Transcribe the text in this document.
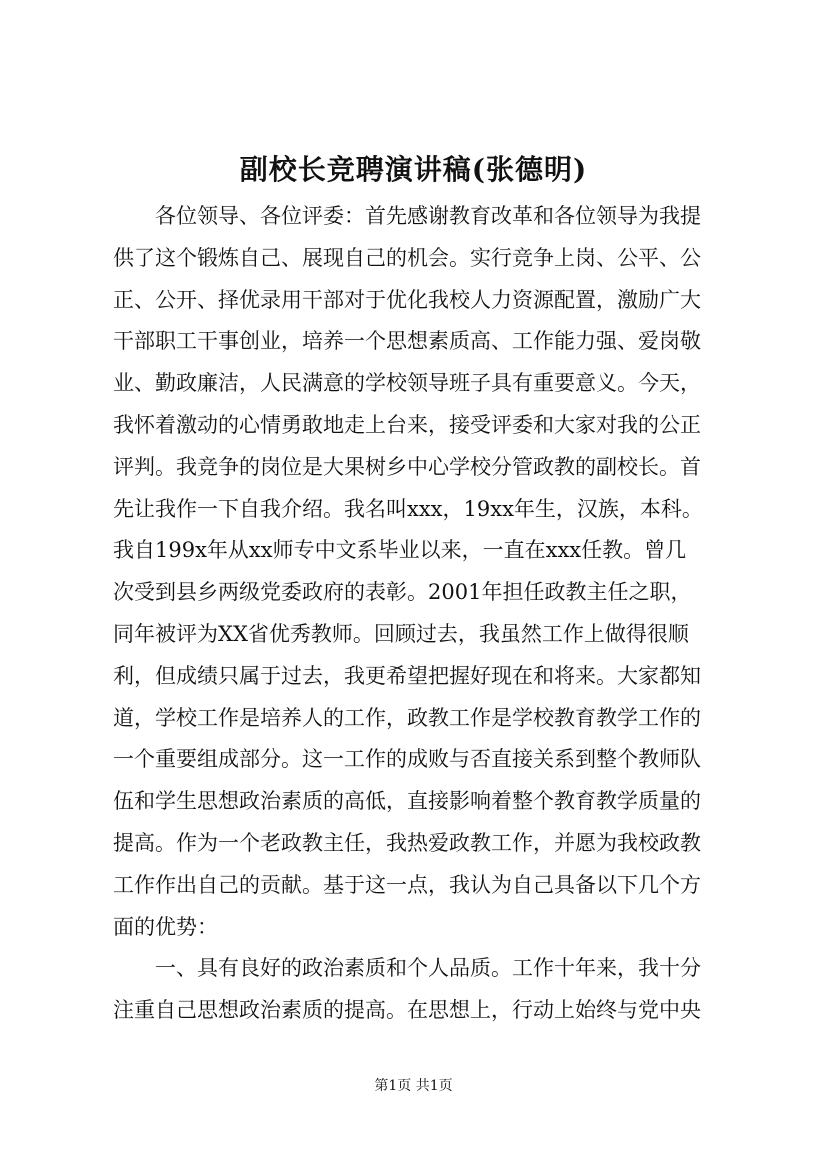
副校长竞聘演讲稿(张德明)
各位领导、各位评委：首先感谢教育改革和各位领导为我提
供了这个锻炼自己、展现自己的机会。实行竞争上岗、公平、公
正、公开、择优录用干部对于优化我校人力资源配置，激励广大
干部职工干事创业，培养一个思想素质高、工作能力强、爱岗敬
业、勤政廉洁，人民满意的学校领导班子具有重要意义。今天，
我怀着激动的心情勇敢地走上台来，接受评委和大家对我的公正
评判。我竞争的岗位是大果树乡中心学校分管政教的副校长。首
先让我作一下自我介绍。我名叫xxx，19xx年生，汉族，本科。
我自199x年从xx师专中文系毕业以来，一直在xxx任教。曾几
次受到县乡两级党委政府的表彰。2001年担任政教主任之职，
同年被评为XX省优秀教师。回顾过去，我虽然工作上做得很顺
利，但成绩只属于过去，我更希望把握好现在和将来。大家都知
道，学校工作是培养人的工作，政教工作是学校教育教学工作的
一个重要组成部分。这一工作的成败与否直接关系到整个教师队
伍和学生思想政治素质的高低，直接影响着整个教育教学质量的
提高。作为一个老政教主任，我热爱政教工作，并愿为我校政教
工作作出自己的贡献。基于这一点，我认为自己具备以下几个方
面的优势：
一、具有良好的政治素质和个人品质。工作十年来，我十分
注重自己思想政治素质的提高。在思想上，行动上始终与党中央
第1页 共1页
